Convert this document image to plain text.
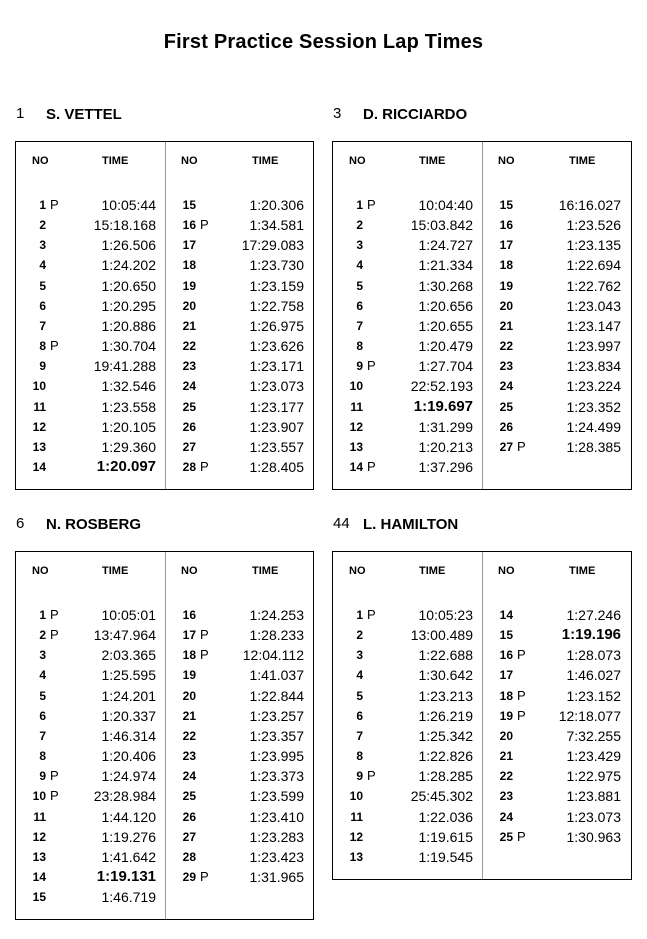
First Practice Session Lap Times
1 S. VETTEL
NO	TIME	NO	TIME
1 P	10:05:44
2	15:18.168
3	1:26.506
4	1:24.202
5	1:20.650
6	1:20.295
7	1:20.886
8 P	1:30.704
9	19:41.288
10	1:32.546
11	1:23.558
12	1:20.105
13	1:29.360
14	1:20.097
15	1:20.306
16 P	1:34.581
17	17:29.083
18	1:23.730
19	1:23.159
20	1:22.758
21	1:26.975
22	1:23.626
23	1:23.171
24	1:23.073
25	1:23.177
26	1:23.907
27	1:23.557
28 P	1:28.405
3 D. RICCIARDO
NO	TIME	NO	TIME
1 P	10:04:40
2	15:03.842
3	1:24.727
4	1:21.334
5	1:30.268
6	1:20.656
7	1:20.655
8	1:20.479
9 P	1:27.704
10	22:52.193
11	1:19.697
12	1:31.299
13	1:20.213
14 P	1:37.296
15	16:16.027
16	1:23.526
17	1:23.135
18	1:22.694
19	1:22.762
20	1:23.043
21	1:23.147
22	1:23.997
23	1:23.834
24	1:23.224
25	1:23.352
26	1:24.499
27 P	1:28.385
6 N. ROSBERG
NO	TIME	NO	TIME
1 P	10:05:01
2 P	13:47.964
3	2:03.365
4	1:25.595
5	1:24.201
6	1:20.337
7	1:46.314
8	1:20.406
9 P	1:24.974
10 P	23:28.984
11	1:44.120
12	1:19.276
13	1:41.642
14	1:19.131
15	1:46.719
16	1:24.253
17 P	1:28.233
18 P 12:04.112
19	1:41.037
20	1:22.844
21	1:23.257
22	1:23.357
23	1:23.995
24	1:23.373
25	1:23.599
26	1:23.410
27	1:23.283
28	1:23.423
29 P	1:31.965
44 L. HAMILTON
NO	TIME	NO	TIME
1 P	10:05:23
2	13:00.489
3	1:22.688
4	1:30.642
5	1:23.213
6	1:26.219
7	1:25.342
8	1:22.826
9 P	1:28.285
10	25:45.302
11	1:22.036
12	1:19.615
13	1:19.545
14	1:27.246
15	1:19.196
16 P	1:28.073
17	1:46.027
18 P	1:23.152
19 P 12:18.077
20	7:32.255
21	1:23.429
22	1:22.975
23	1:23.881
24	1:23.073
25 P	1:30.963
